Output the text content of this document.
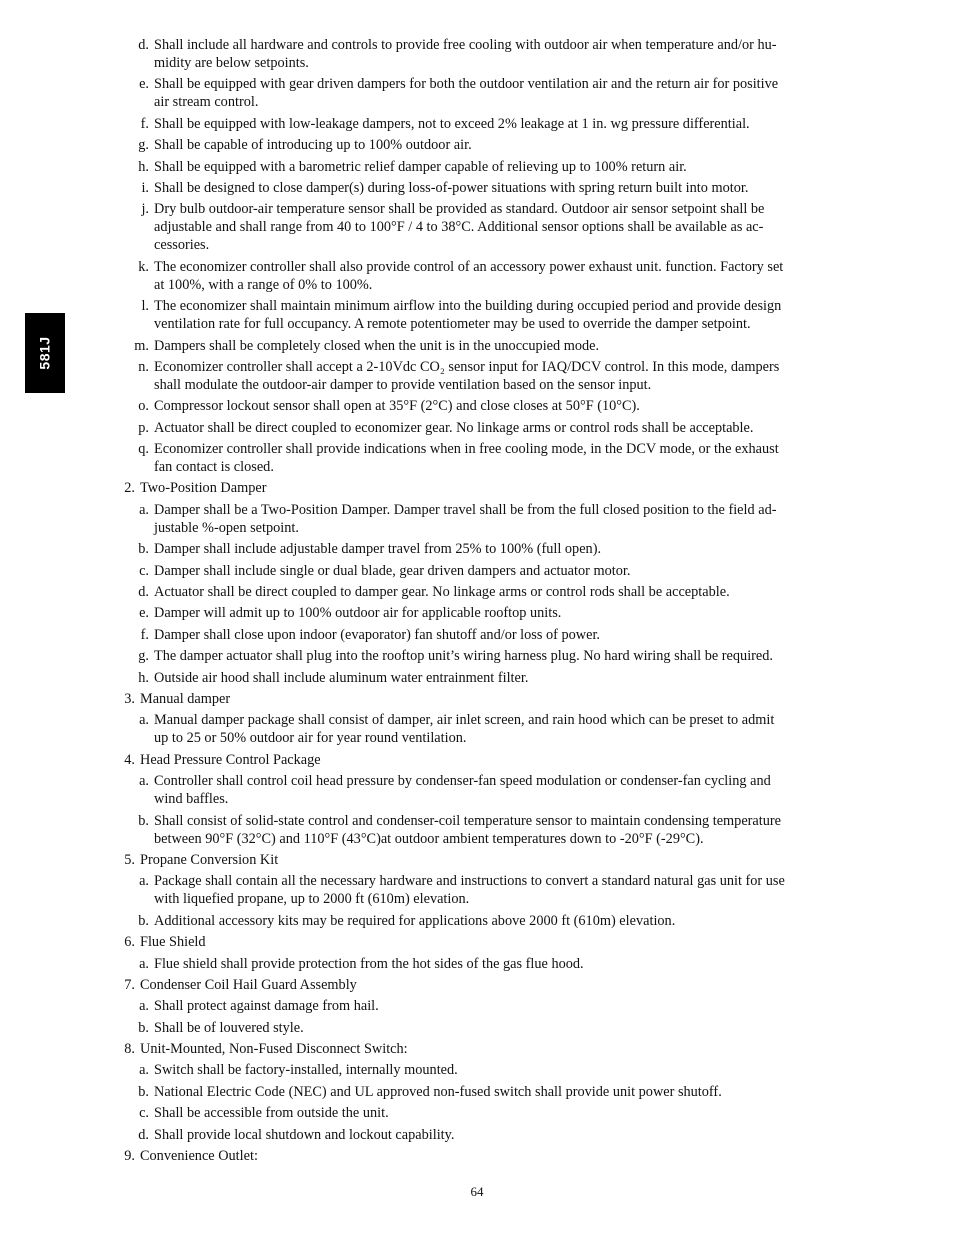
581J
d. Shall include all hardware and controls to provide free cooling with outdoor air when temperature and/or hu-
midity are below setpoints.
e. Shall be equipped with gear driven dampers for both the outdoor ventilation air and the return air for positive
air stream control.
f. Shall be equipped with low-leakage dampers, not to exceed 2% leakage at 1 in. wg pressure differential.
g. Shall be capable of introducing up to 100% outdoor air.
h. Shall be equipped with a barometric relief damper capable of relieving up to 100% return air.
i. Shall be designed to close damper(s) during loss-of-power situations with spring return built into motor.
j. Dry bulb outdoor-air temperature sensor shall be provided as standard. Outdoor air sensor setpoint shall be
adjustable and shall range from 40 to 100°F / 4 to 38°C. Additional sensor options shall be available as ac-
cessories.
k. The economizer controller shall also provide control of an accessory power exhaust unit. function. Factory set
at 100%, with a range of 0% to 100%.
l. The economizer shall maintain minimum airflow into the building during occupied period and provide design
ventilation rate for full occupancy. A remote potentiometer may be used to override the damper setpoint.
m. Dampers shall be completely closed when the unit is in the unoccupied mode.
n. Economizer controller shall accept a 2-10Vdc CO₂ sensor input for IAQ/DCV control. In this mode, dampers
shall modulate the outdoor-air damper to provide ventilation based on the sensor input.
o. Compressor lockout sensor shall open at 35°F (2°C) and close closes at 50°F (10°C).
p. Actuator shall be direct coupled to economizer gear. No linkage arms or control rods shall be acceptable.
q. Economizer controller shall provide indications when in free cooling mode, in the DCV mode, or the exhaust
fan contact is closed.
2. Two-Position Damper
a. Damper shall be a Two-Position Damper. Damper travel shall be from the full closed position to the field ad-
justable %-open setpoint.
b. Damper shall include adjustable damper travel from 25% to 100% (full open).
c. Damper shall include single or dual blade, gear driven dampers and actuator motor.
d. Actuator shall be direct coupled to damper gear. No linkage arms or control rods shall be acceptable.
e. Damper will admit up to 100% outdoor air for applicable rooftop units.
f. Damper shall close upon indoor (evaporator) fan shutoff and/or loss of power.
g. The damper actuator shall plug into the rooftop unit’s wiring harness plug. No hard wiring shall be required.
h. Outside air hood shall include aluminum water entrainment filter.
3. Manual damper
a. Manual damper package shall consist of damper, air inlet screen, and rain hood which can be preset to admit
up to 25 or 50% outdoor air for year round ventilation.
4. Head Pressure Control Package
a. Controller shall control coil head pressure by condenser-fan speed modulation or condenser-fan cycling and
wind baffles.
b. Shall consist of solid-state control and condenser-coil temperature sensor to maintain condensing temperature
between 90°F (32°C) and 110°F (43°C)at outdoor ambient temperatures down to -20°F (-29°C).
5. Propane Conversion Kit
a. Package shall contain all the necessary hardware and instructions to convert a standard natural gas unit for use
with liquefied propane, up to 2000 ft (610m) elevation.
b. Additional accessory kits may be required for applications above 2000 ft (610m) elevation.
6. Flue Shield
a. Flue shield shall provide protection from the hot sides of the gas flue hood.
7. Condenser Coil Hail Guard Assembly
a. Shall protect against damage from hail.
b. Shall be of louvered style.
8. Unit-Mounted, Non-Fused Disconnect Switch:
a. Switch shall be factory-installed, internally mounted.
b. National Electric Code (NEC) and UL approved non-fused switch shall provide unit power shutoff.
c. Shall be accessible from outside the unit.
d. Shall provide local shutdown and lockout capability.
9. Convenience Outlet:
64
